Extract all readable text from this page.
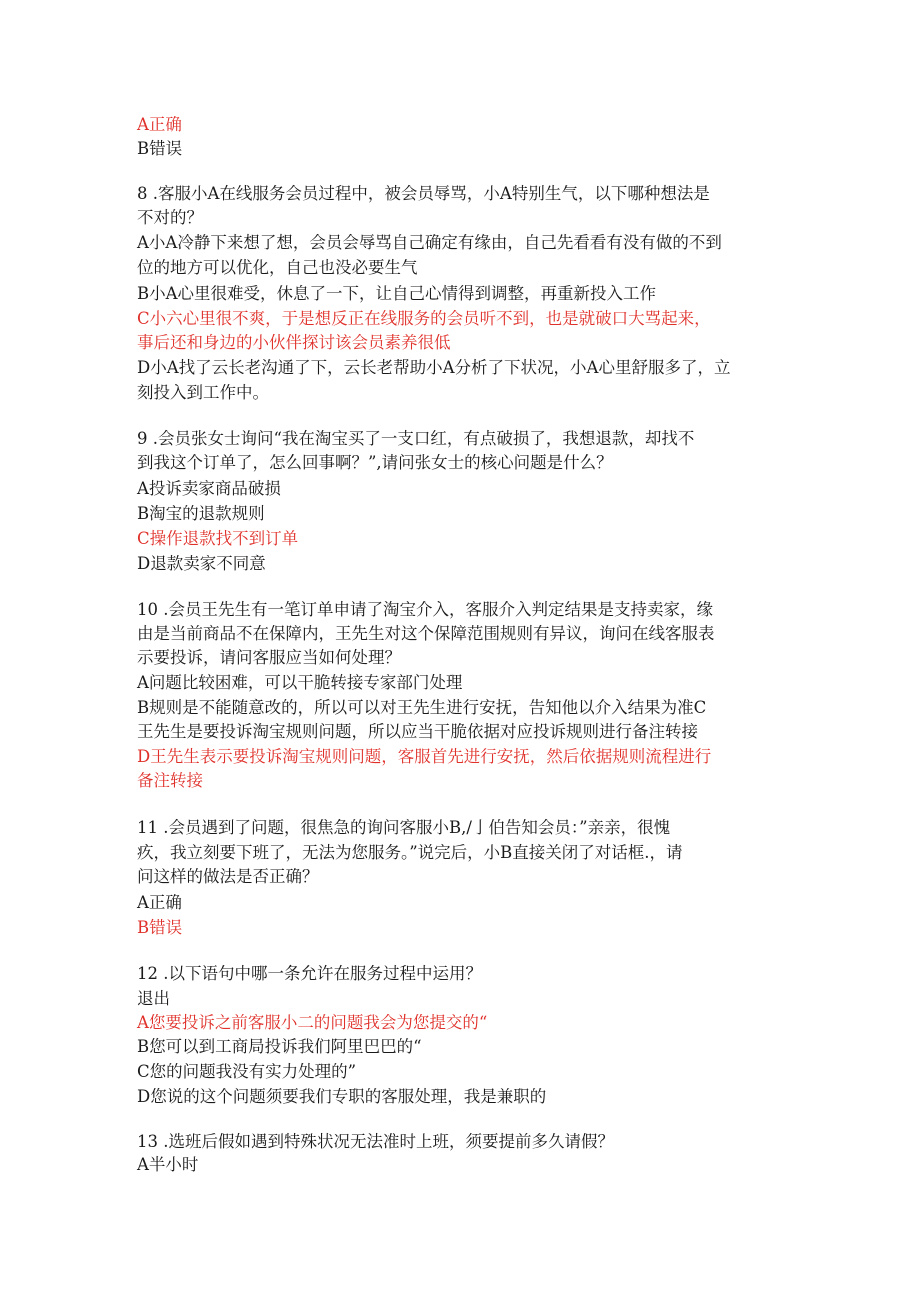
A正确
B错误
8 .客服小A在线服务会员过程中，被会员辱骂，小A特别生气，以下哪种想法是
不对的？
A小A冷静下来想了想，会员会辱骂自己确定有缘由，自己先看看有没有做的不到
位的地方可以优化，自己也没必要生气
B小A心里很难受，休息了一下，让自己心情得到调整，再重新投入工作
C小六心里很不爽，于是想反正在线服务的会员听不到，也是就破口大骂起来，
事后还和身边的小伙伴探讨该会员素养很低
D小A找了云长老沟通了下，云长老帮助小A分析了下状况，小A心里舒服多了，立
刻投入到工作中。
9 .会员张女士询问“我在淘宝买了一支口红，有点破损了，我想退款，却找不
到我这个订单了，怎么回事啊？”,请问张女士的核心问题是什么？
A投诉卖家商品破损
B淘宝的退款规则
C操作退款找不到订单
D退款卖家不同意
10 .会员王先生有一笔订单申请了淘宝介入，客服介入判定结果是支持卖家，缘
由是当前商品不在保障内，王先生对这个保障范围规则有异议，询问在线客服表
示要投诉，请问客服应当如何处理？
A问题比较困难，可以干脆转接专家部门处理
B规则是不能随意改的，所以可以对王先生进行安抚，告知他以介入结果为准C
王先生是要投诉淘宝规则问题，所以应当干脆依据对应投诉规则进行备注转接
D王先生表示要投诉淘宝规则问题，客服首先进行安抚，然后依据规则流程进行
备注转接
11 .会员遇到了问题，很焦急的询问客服小B,/亅伯告知会员：”亲亲，很愧
疚，我立刻要下班了，无法为您服务。”说完后，小B直接关闭了对话框.，请
问这样的做法是否正确？
A正确
B错误
12 .以下语句中哪一条允许在服务过程中运用？
退出
A您要投诉之前客服小二的问题我会为您提交的“
B您可以到工商局投诉我们阿里巴巴的“
C您的问题我没有实力处理的”
D您说的这个问题须要我们专职的客服处理，我是兼职的
13 .选班后假如遇到特殊状况无法准时上班，须要提前多久请假？
A半小时
